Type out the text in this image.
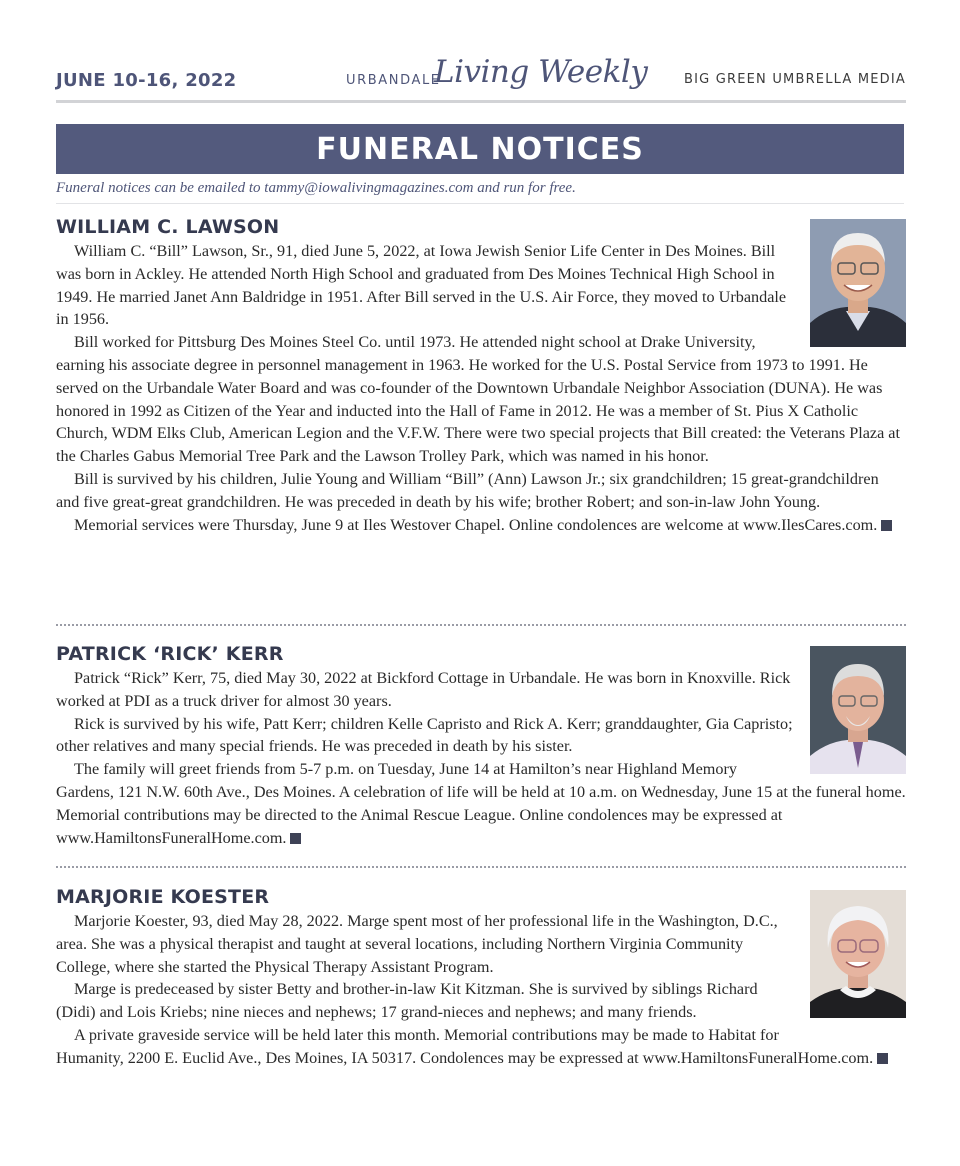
JUNE 10-16, 2022	URBANDALE
Living Weekly	BIG GREEN UMBRELLA MEDIA
FUNERAL NOTICES
Funeral notices can be emailed to tammy@iowalivingmagazines.com and run for free.
WILLIAM C. LAWSON

William C. “Bill” Lawson, Sr., 91, died June 5, 2022, at Iowa Jewish Senior Life Center in Des Moines. Bill was born in Ackley. He attended North High School and graduated from Des Moines Technical High School in 1949. He married Janet Ann Baldridge in 1951. After Bill served in the U.S. Air Force, they moved to Urbandale in 1956.

Bill worked for Pittsburg Des Moines Steel Co. until 1973. He attended night school at Drake University, earning his associate degree in personnel management in 1963. He worked for the U.S. Postal Service from 1973 to 1991. He served on the Urbandale Water Board and was co-founder of the Downtown Urbandale Neighbor Association (DUNA). He was honored in 1992 as Citizen of the Year and inducted into the Hall of Fame in 2012. He was a member of St. Pius X Catholic Church, WDM Elks Club, American Legion and the V.F.W. There were two special projects that Bill created: the Veterans Plaza at the Charles Gabus Memorial Tree Park and the Lawson Trolley Park, which was named in his honor.

Bill is survived by his children, Julie Young and William “Bill” (Ann) Lawson Jr.; six grandchildren; 15 great-grandchildren and five great-great grandchildren. He was preceded in death by his wife; brother Robert; and son-in-law John Young.

Memorial services were Thursday, June 9 at Iles Westover Chapel. Online condolences are welcome at www.IlesCares.com.

PATRICK ‘RICK’ KERR

Patrick “Rick” Kerr, 75, died May 30, 2022 at Bickford Cottage in Urbandale. He was born in Knoxville. Rick worked at PDI as a truck driver for almost 30 years.

Rick is survived by his wife, Patt Kerr; children Kelle Capristo and Rick A. Kerr; granddaughter, Gia Capristo; other relatives and many special friends. He was preceded in death by his sister.

The family will greet friends from 5-7 p.m. on Tuesday, June 14 at Hamilton’s near Highland Memory Gardens, 121 N.W. 60th Ave., Des Moines. A celebration of life will be held at 10 a.m. on Wednesday, June 15 at the funeral home. Memorial contributions may be directed to the Animal Rescue League. Online condolences may be expressed at www.HamiltonsFuneralHome.com.

MARJORIE KOESTER

Marjorie Koester, 93, died May 28, 2022. Marge spent most of her professional life in the Washington, D.C., area. She was a physical therapist and taught at several locations, including Northern Virginia Community College, where she started the Physical Therapy Assistant Program.

Marge is predeceased by sister Betty and brother-in-law Kit Kitzman. She is survived by siblings Richard (Didi) and Lois Kriebs; nine nieces and nephews; 17 grand-nieces and nephews; and many friends.

A private graveside service will be held later this month. Memorial contributions may be made to Habitat for Humanity, 2200 E. Euclid Ave., Des Moines, IA 50317. Condolences may be expressed at www.HamiltonsFuneralHome.com.
